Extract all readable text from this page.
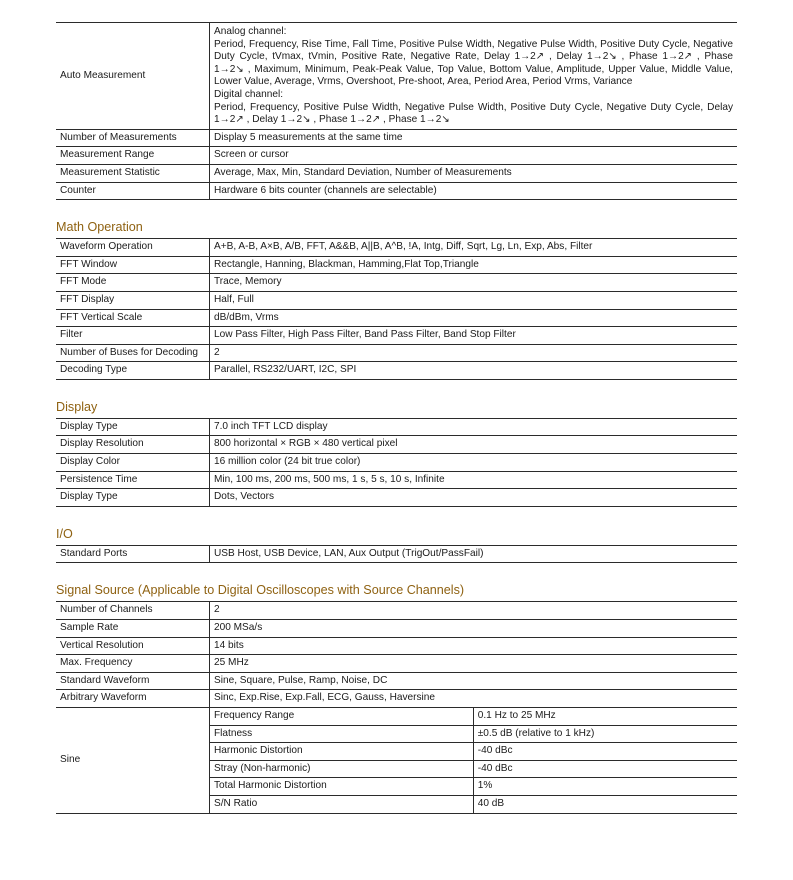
Auto Measurement	Analog channel:
Period, Frequency, Rise Time, Fall Time, Positive Pulse Width, Negative Pulse Width, Positive Duty Cycle, Negative Duty Cycle, tVmax, tVmin, Positive Rate, Negative Rate, Delay 1→2↗ , Delay 1→2↘ , Phase 1→2↗ , Phase 1→2↘ , Maximum, Minimum, Peak-Peak Value, Top Value, Bottom Value, Amplitude, Upper Value, Middle Value, Lower Value, Average, Vrms, Overshoot, Pre-shoot, Area, Period Area, Period Vrms, Variance
Digital channel:
Period, Frequency, Positive Pulse Width, Negative Pulse Width, Positive Duty Cycle, Negative Duty Cycle, Delay 1→2↗ , Delay 1→2↘ , Phase 1→2↗ , Phase 1→2↘

Number of Measurements	Display 5 measurements at the same time
Measurement Range	Screen or cursor
Measurement Statistic	Average, Max, Min, Standard Deviation, Number of Measurements
Counter	Hardware 6 bits counter (channels are selectable)
Math Operation
Waveform Operation	A+B, A-B, A×B, A/B, FFT, A&&B, A||B, A^B, !A, Intg, Diff, Sqrt, Lg, Ln, Exp, Abs, Filter
FFT Window	Rectangle, Hanning, Blackman, Hamming,Flat Top,Triangle
FFT Mode	Trace, Memory
FFT Display	Half, Full
FFT Vertical Scale	dB/dBm, Vrms
Filter	Low Pass Filter, High Pass Filter, Band Pass Filter, Band Stop Filter
Number of Buses for Decoding	2
Decoding Type	Parallel, RS232/UART, I2C, SPI
Display
Display Type	7.0 inch TFT LCD display
Display Resolution	800 horizontal × RGB × 480 vertical pixel
Display Color	16 million color (24 bit true color)
Persistence Time	Min, 100 ms, 200 ms, 500 ms, 1 s, 5 s, 10 s, Infinite
Display Type	Dots, Vectors
I/O
Standard Ports	USB Host, USB Device, LAN, Aux Output (TrigOut/PassFail)
Signal Source (Applicable to Digital Oscilloscopes with Source Channels)
Number of Channels	2	
Sample Rate	200 MSa/s	
Vertical Resolution	14 bits	
Max. Frequency	25 MHz	
Standard Waveform	Sine, Square, Pulse, Ramp, Noise, DC	
Arbitrary Waveform	Sinc, Exp.Rise, Exp.Fall, ECG, Gauss, Haversine	
Sine	Frequency Range	0.1 Hz to 25 MHz
	Flatness	±0.5 dB (relative to 1 kHz)
	Harmonic Distortion	-40 dBc
	Stray (Non-harmonic)	-40 dBc
	Total Harmonic Distortion	1%
	S/N Ratio	40 dB
